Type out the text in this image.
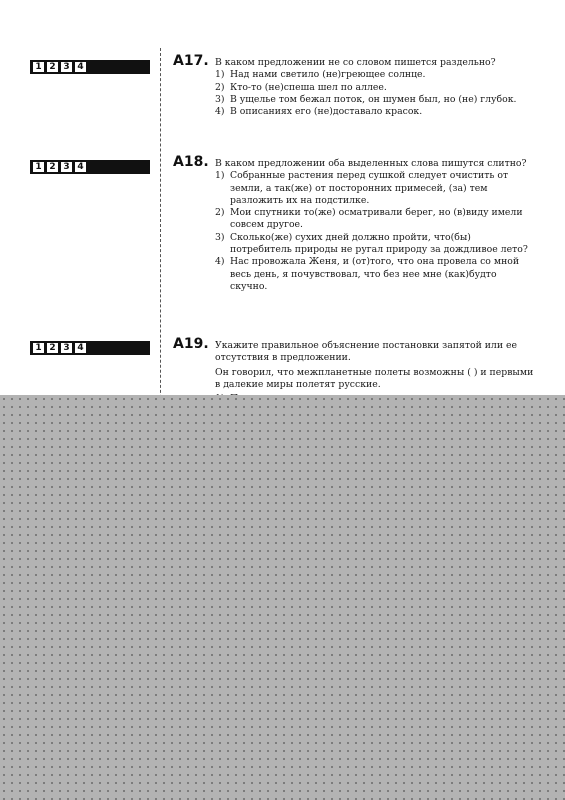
1 2 3 4
1 2 3 4
1 2 3 4
A17. В каком предложении не со словом пишется раздельно?
1) Над нами светило (не)греющее солнце.
2) Кто-то (не)спеша шел по аллее.
3) В ущелье том бежал поток, он шумен был, но (не) глубок.
4) В описаниях его (не)доставало красок.
A18. В каком предложении оба выделенных слова пишутся слитно?
1) Собранные растения перед сушкой следует очистить от земли, а так(же) от посторонних примесей, (за) тем разложить их на подстилке.
2) Мои спутники то(же) осматривали берег, но (в)виду имели совсем другое.
3) Сколько(же) сухих дней должно пройти, что(бы) потребитель природы не ругал природу за дождливое лето?
4) Нас провожала Женя, и (от)того, что она провела со мной весь день, я почувствовал, что без нее мне (как)будто скучно.
A19. Укажите правильное объяснение постановки запятой или ее отсутствия в предложении.
Он говорил, что межпланетные полеты возможны ( ) и первыми в далекие миры полетят русские.
